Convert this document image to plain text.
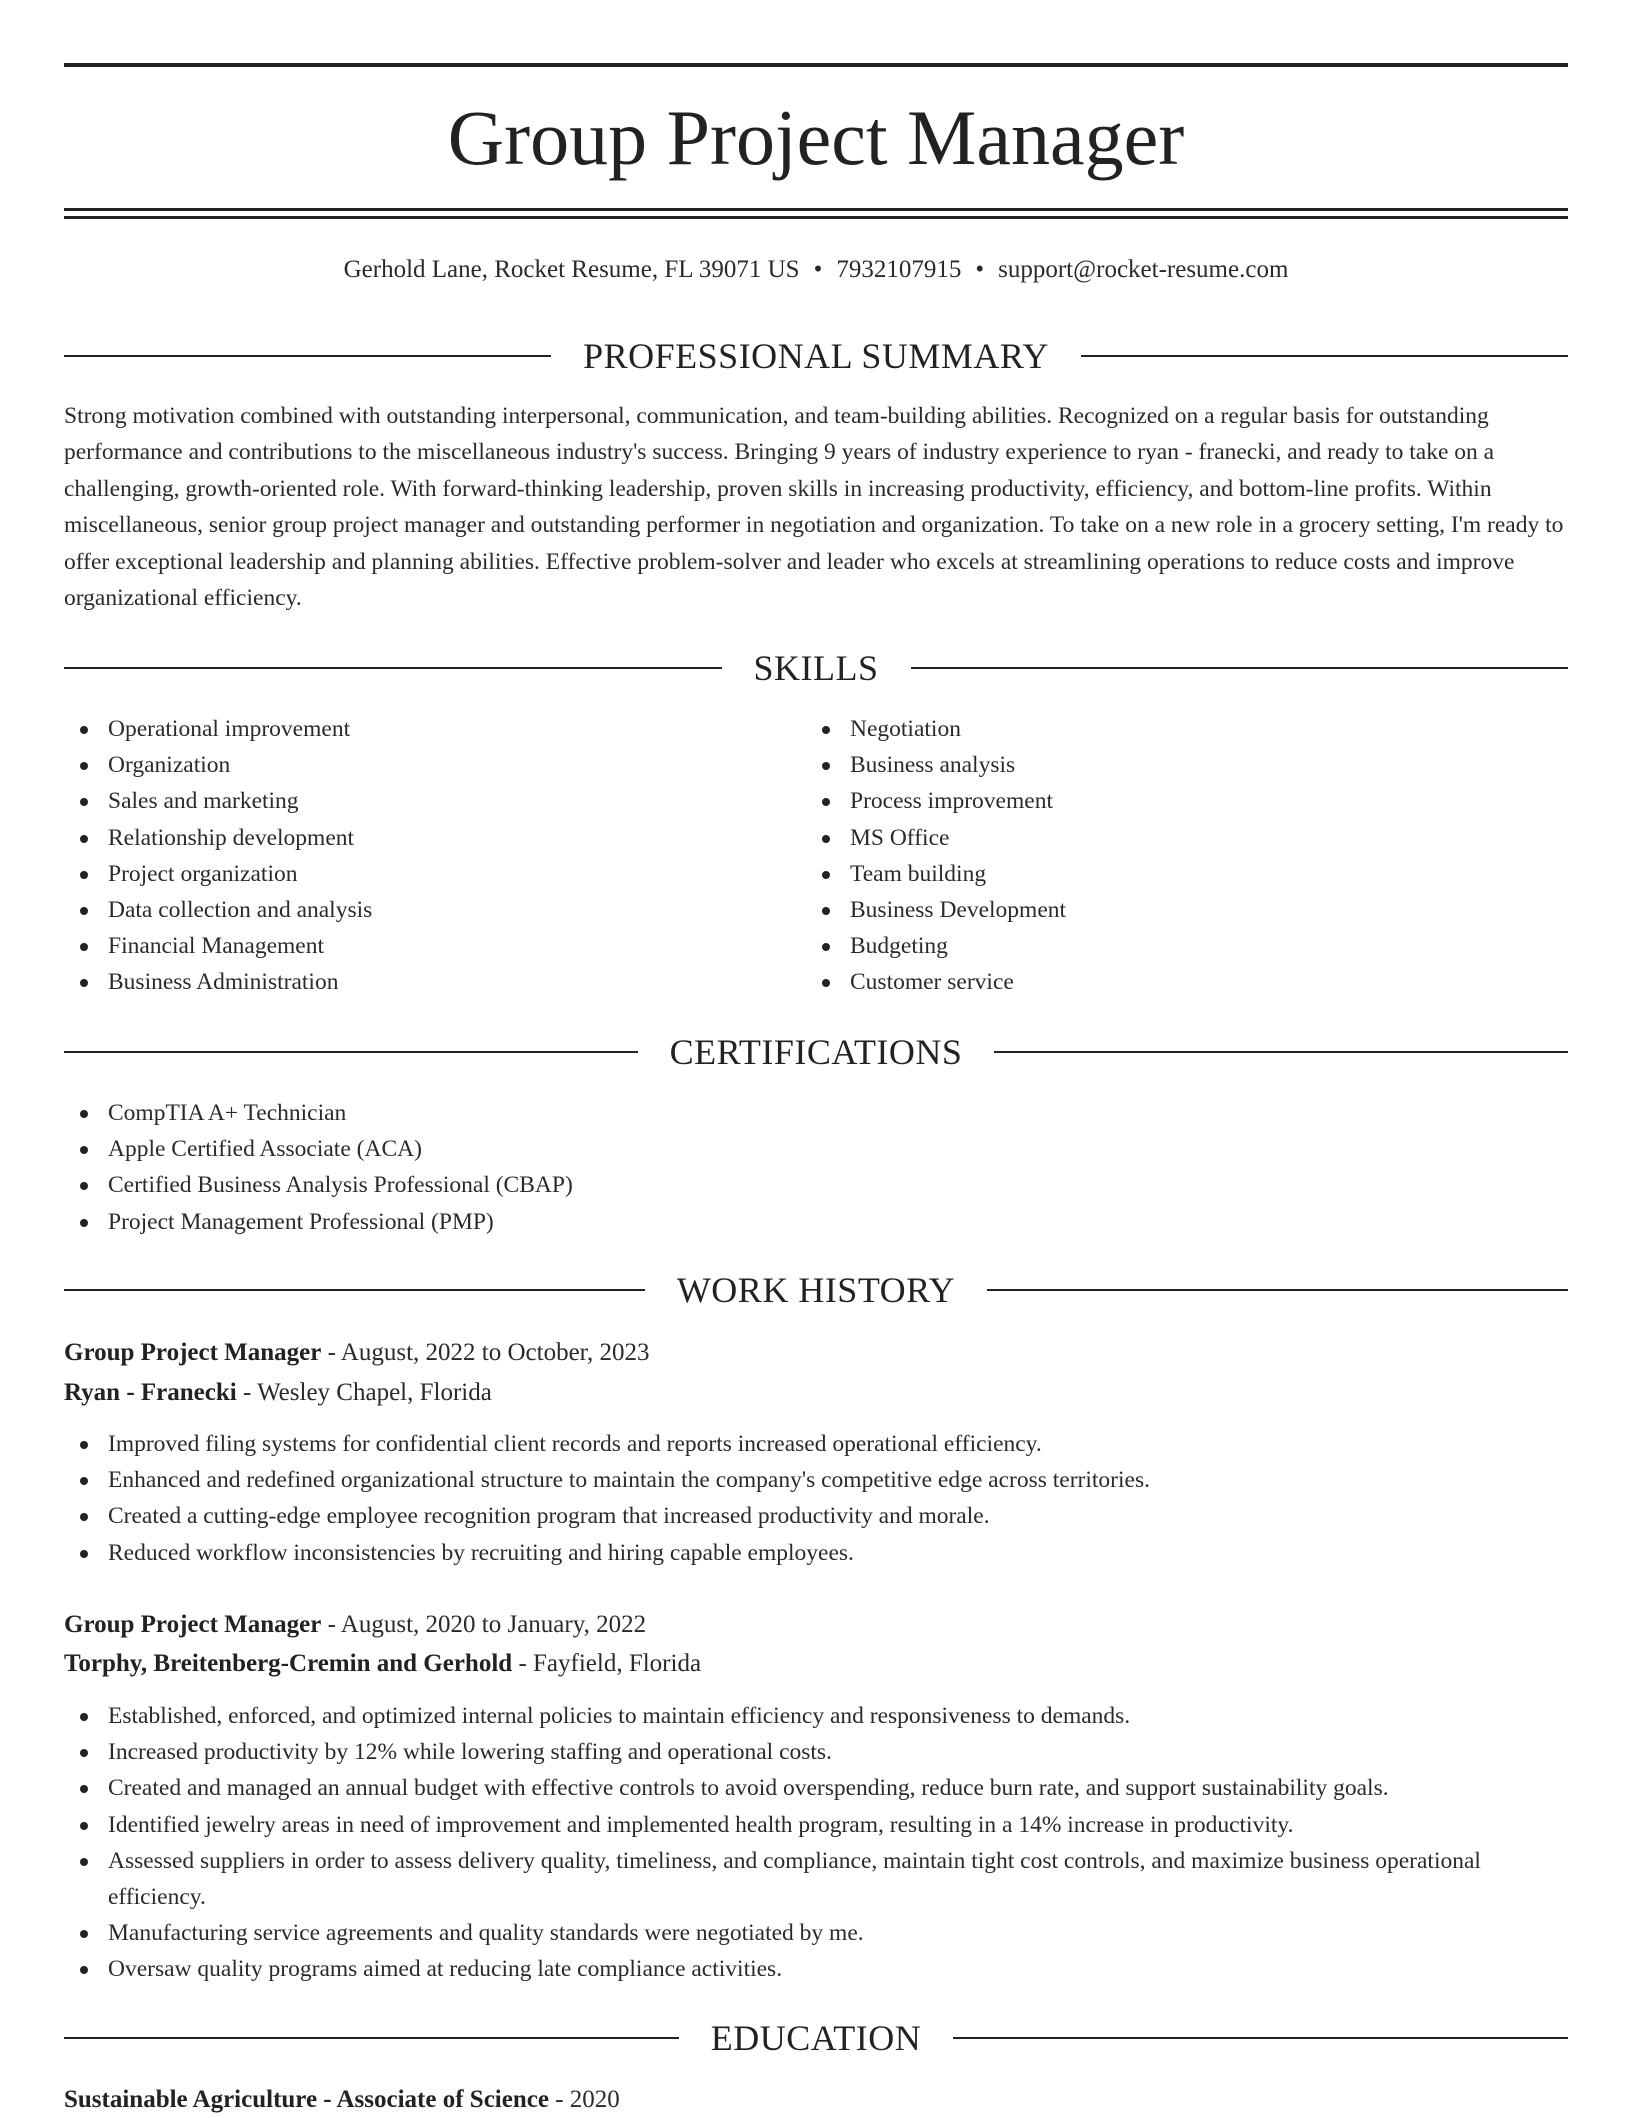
Group Project Manager
Gerhold Lane, Rocket Resume, FL 39071 US • 7932107915 • support@rocket-resume.com
PROFESSIONAL SUMMARY

Strong motivation combined with outstanding interpersonal, communication, and team-building abilities. Recognized on a regular basis for outstanding performance and contributions to the miscellaneous industry's success. Bringing 9 years of industry experience to ryan - franecki, and ready to take on a challenging, growth-oriented role. With forward-thinking leadership, proven skills in increasing productivity, efficiency, and bottom-line profits. Within miscellaneous, senior group project manager and outstanding performer in negotiation and organization. To take on a new role in a grocery setting, I'm ready to offer exceptional leadership and planning abilities. Effective problem-solver and leader who excels at streamlining operations to reduce costs and improve organizational efficiency.

SKILLS
Operational improvement
Organization
Sales and marketing
Relationship development
Project organization
Data collection and analysis
Financial Management
Business Administration
Negotiation
Business analysis
Process improvement
MS Office
Team building
Business Development
Budgeting
Customer service
CERTIFICATIONS
CompTIA A+ Technician
Apple Certified Associate (ACA)
Certified Business Analysis Professional (CBAP)
Project Management Professional (PMP)
WORK HISTORY
Group Project Manager - August, 2022 to October, 2023
Ryan - Franecki - Wesley Chapel, Florida
Improved filing systems for confidential client records and reports increased operational efficiency.
Enhanced and redefined organizational structure to maintain the company's competitive edge across territories.
Created a cutting-edge employee recognition program that increased productivity and morale.
Reduced workflow inconsistencies by recruiting and hiring capable employees.
Group Project Manager - August, 2020 to January, 2022
Torphy, Breitenberg-Cremin and Gerhold - Fayfield, Florida
Established, enforced, and optimized internal policies to maintain efficiency and responsiveness to demands.
Increased productivity by 12% while lowering staffing and operational costs.
Created and managed an annual budget with effective controls to avoid overspending, reduce burn rate, and support sustainability goals.
Identified jewelry areas in need of improvement and implemented health program, resulting in a 14% increase in productivity.
Assessed suppliers in order to assess delivery quality, timeliness, and compliance, maintain tight cost controls, and maximize business operational efficiency.
Manufacturing service agreements and quality standards were negotiated by me.
Oversaw quality programs aimed at reducing late compliance activities.
EDUCATION
Sustainable Agriculture - Associate of Science - 2020
